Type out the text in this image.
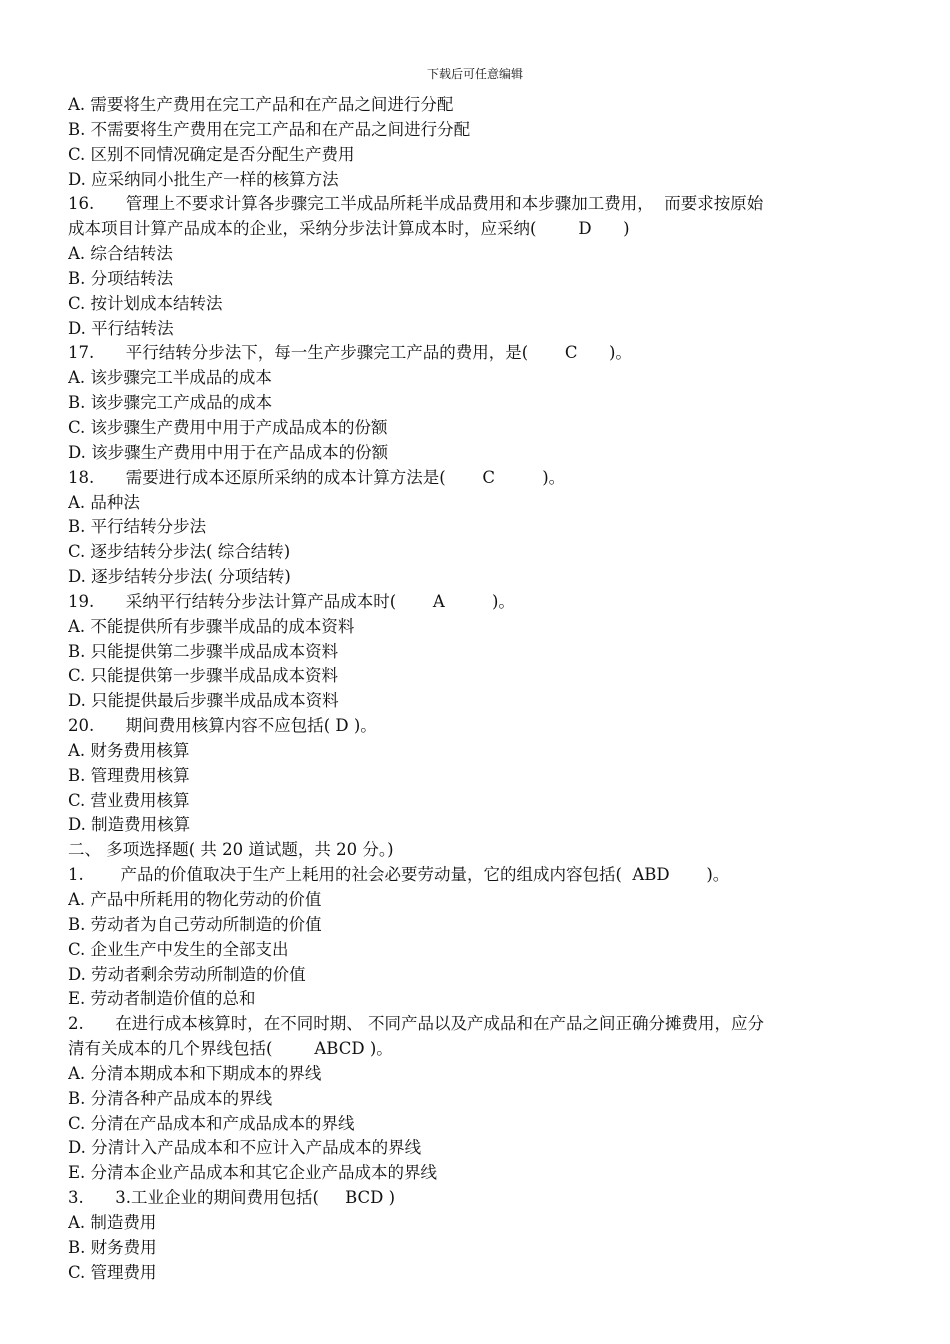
下载后可任意编辑
A. 需要将生产费用在完工产品和在产品之间进行分配
B. 不需要将生产费用在完工产品和在产品之间进行分配
C. 区别不同情况确定是否分配生产费用
D. 应采纳同小批生产一样的核算方法
16.      管理上不要求计算各步骤完工半成品所耗半成品费用和本步骤加工费用，  而要求按原始
成本项目计算产品成本的企业，采纳分步法计算成本时，应采纳(        D      )
A. 综合结转法
B. 分项结转法
C. 按计划成本结转法
D. 平行结转法
17.      平行结转分步法下，每一生产步骤完工产品的费用，是(       C      )。
A. 该步骤完工半成品的成本
B. 该步骤完工产成品的成本
C. 该步骤生产费用中用于产成品成本的份额
D. 该步骤生产费用中用于在产品成本的份额
18.      需要进行成本还原所采纳的成本计算方法是(       C         )。
A. 品种法
B. 平行结转分步法
C. 逐步结转分步法( 综合结转)
D. 逐步结转分步法( 分项结转)
19.      采纳平行结转分步法计算产品成本时(       A         )。
A. 不能提供所有步骤半成品的成本资料
B. 只能提供第二步骤半成品成本资料
C. 只能提供第一步骤半成品成本资料
D. 只能提供最后步骤半成品成本资料
20.      期间费用核算内容不应包括( D )。
A. 财务费用核算
B. 管理费用核算
C. 营业费用核算
D. 制造费用核算
二、 多项选择题( 共 20 道试题，共 20 分。)
1.       产品的价值取决于生产上耗用的社会必要劳动量，它的组成内容包括(  ABD       )。
A. 产品中所耗用的物化劳动的价值
B. 劳动者为自己劳动所制造的价值
C. 企业生产中发生的全部支出
D. 劳动者剩余劳动所制造的价值
E. 劳动者制造价值的总和
2.      在进行成本核算时，在不同时期、 不同产品以及产成品和在产品之间正确分摊费用，应分
清有关成本的几个界线包括(        ABCD )。
A. 分清本期成本和下期成本的界线
B. 分清各种产品成本的界线
C. 分清在产品成本和产成品成本的界线
D. 分清计入产品成本和不应计入产品成本的界线
E. 分清本企业产品成本和其它企业产品成本的界线
3.      3.工业企业的期间费用包括(     BCD )
A. 制造费用
B. 财务费用
C. 管理费用
